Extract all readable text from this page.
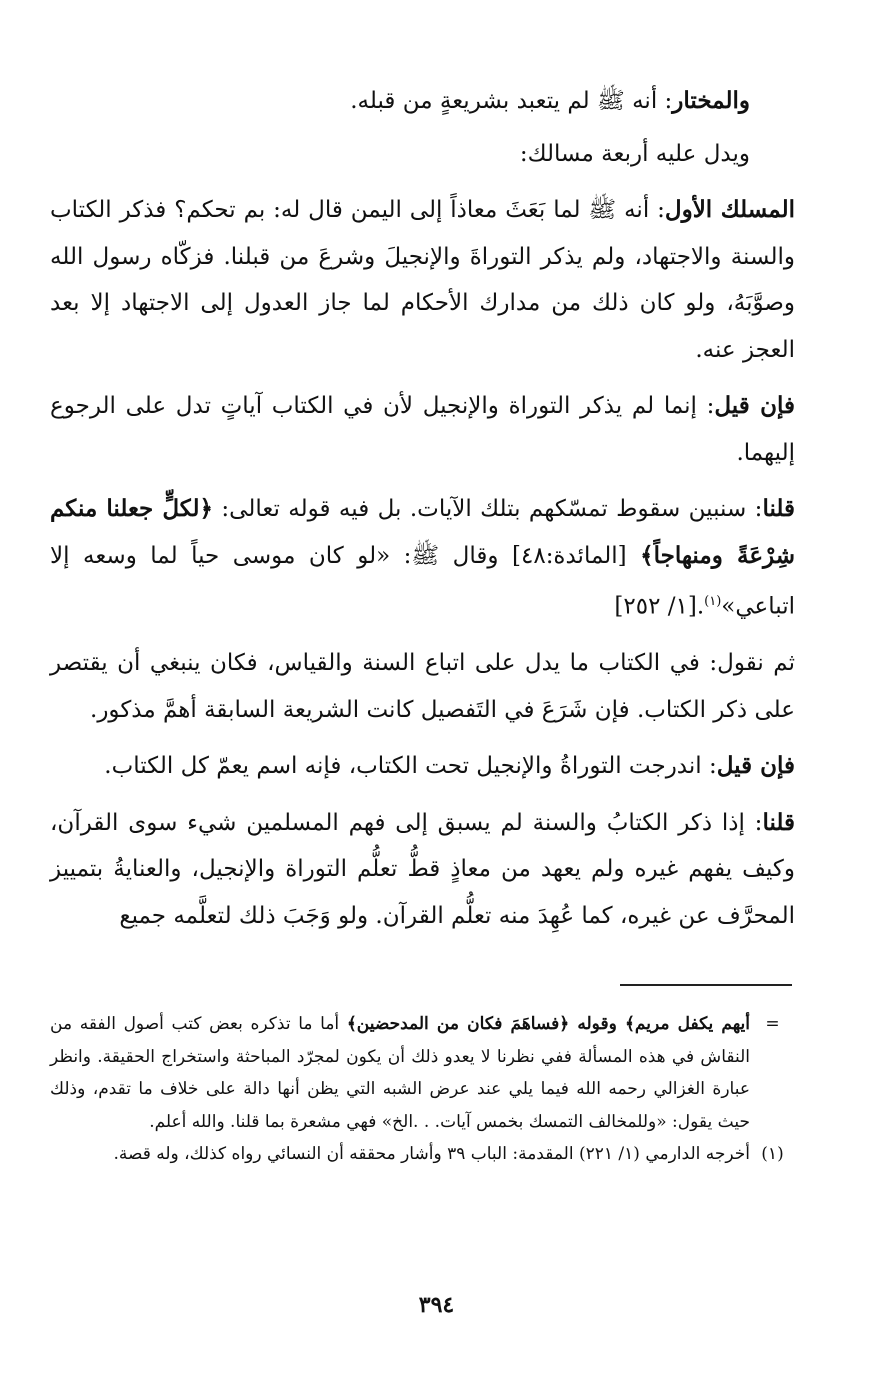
والمختار: أنه ﷺ لم يتعبد بشريعةٍ من قبله.

ويدل عليه أربعة مسالك:

المسلك الأول: أنه ﷺ لما بَعَثَ معاذاً إلى اليمن قال له: بم تحكم؟ فذكر الكتاب والسنة والاجتهاد، ولم يذكر التوراةَ والإنجيلَ وشرعَ من قبلنا. فزكّاه رسول الله وصوَّبَهُ، ولو كان ذلك من مدارك الأحكام لما جاز العدول إلى الاجتهاد إلا بعد العجز عنه.

فإن قيل: إنما لم يذكر التوراة والإنجيل لأن في الكتاب آياتٍ تدل على الرجوع إليهما.

قلنا: سنبين سقوط تمسّكهم بتلك الآيات. بل فيه قوله تعالى: ﴿لكلٍّ جعلنا منكم شِرْعَةً ومنهاجاً﴾ [المائدة:٤٨] وقال ﷺ: «لو كان موسى حياً لما وسعه إلا اتباعي»$^{(١)}$.[١/ ٢٥٢]

ثم نقول: في الكتاب ما يدل على اتباع السنة والقياس، فكان ينبغي أن يقتصر على ذكر الكتاب. فإن شَرَعَ في التَفصيل كانت الشريعة السابقة أهمَّ مذكور.

فإن قيل: اندرجت التوراةُ والإنجيل تحت الكتاب، فإنه اسم يعمّ كل الكتاب.

قلنا: إذا ذكر الكتابُ والسنة لم يسبق إلى فهم المسلمين شيء سوى القرآن، وكيف يفهم غيره ولم يعهد من معاذٍ قطُّ تعلُّم التوراة والإنجيل، والعنايةُ بتمييز المحرَّف عن غيره، كما عُهِدَ منه تعلُّم القرآن. ولو وَجَبَ ذلك لتعلَّمه جميع

=
أيهم يكفل مريم﴾ وقوله ﴿فساهَمَ فكان من المدحضين﴾ أما ما تذكره بعض كتب أصول الفقه من النقاش في هذه المسألة ففي نظرنا لا يعدو ذلك أن يكون لمجرّد المباحثة واستخراج الحقيقة. وانظر عبارة الغزالي رحمه الله فيما يلي عند عرض الشبه التي يظن أنها دالة على خلاف ما تقدم، وذلك حيث يقول: «وللمخالف التمسك بخمس آيات. . .الخ» فهي مشعرة بما قلنا. والله أعلم.
(١)
أخرجه الدارمي (١/ ٢٢١) المقدمة: الباب ٣٩ وأشار محققه أن النسائي رواه كذلك، وله قصة.
٣٩٤
